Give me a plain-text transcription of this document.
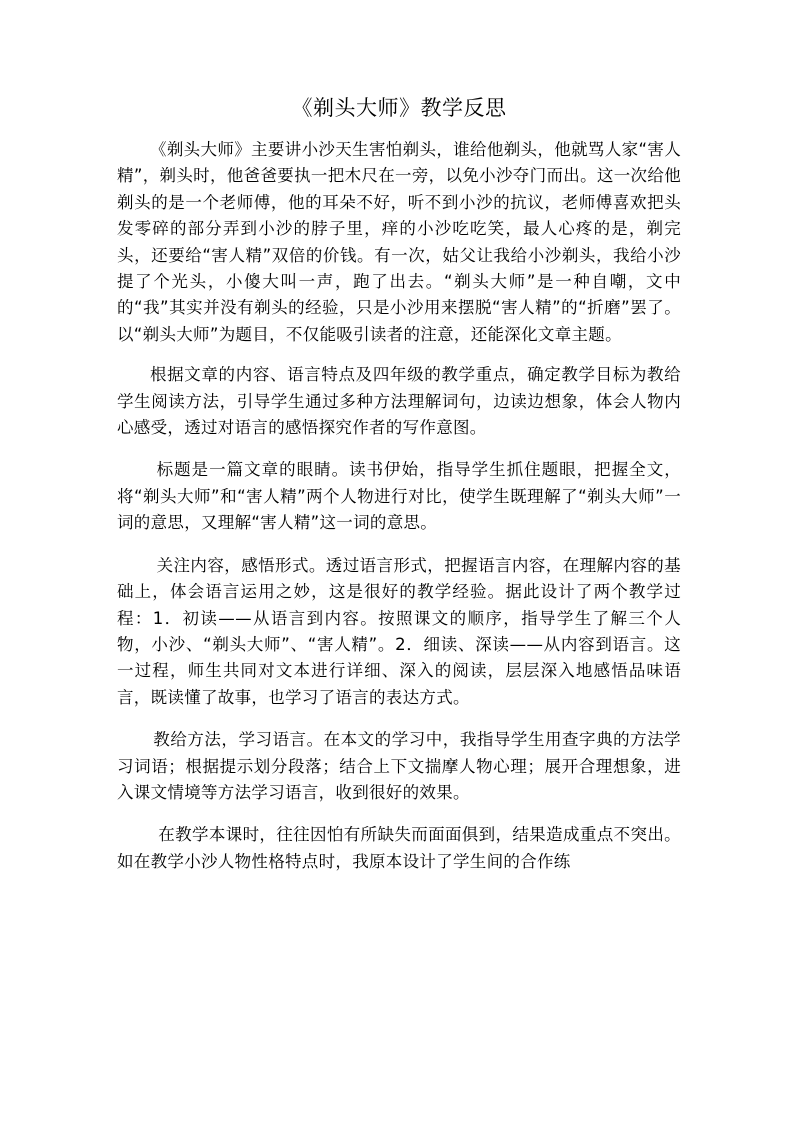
《剃头大师》教学反思

《剃头大师》主要讲小沙天生害怕剃头，谁给他剃头，他就骂人家“害人精”，剃头时，他爸爸要执一把木尺在一旁，以免小沙夺门而出。这一次给他剃头的是一个老师傅，他的耳朵不好，听不到小沙的抗议，老师傅喜欢把头发零碎的部分弄到小沙的脖子里，痒的小沙吃吃笑，最人心疼的是，剃完头，还要给“害人精”双倍的价钱。有一次，姑父让我给小沙剃头，我给小沙提了个光头，小傻大叫一声，跑了出去。“剃头大师”是一种自嘲，文中的“我”其实并没有剃头的经验，只是小沙用来摆脱“害人精”的“折磨”罢了。以“剃头大师”为题目，不仅能吸引读者的注意，还能深化文章主题。

根据文章的内容、语言特点及四年级的教学重点，确定教学目标为教给学生阅读方法，引导学生通过多种方法理解词句，边读边想象，体会人物内心感受，透过对语言的感悟探究作者的写作意图。

标题是一篇文章的眼睛。读书伊始，指导学生抓住题眼，把握全文，将“剃头大师”和“害人精”两个人物进行对比，使学生既理解了“剃头大师”一词的意思，又理解“害人精”这一词的意思。

关注内容，感悟形式。透过语言形式，把握语言内容，在理解内容的基础上，体会语言运用之妙，这是很好的教学经验。据此设计了两个教学过程：1．初读——从语言到内容。按照课文的顺序，指导学生了解三个人物，小沙、“剃头大师”、“害人精”。2．细读、深读——从内容到语言。这一过程，师生共同对文本进行详细、深入的阅读，层层深入地感悟品味语言，既读懂了故事，也学习了语言的表达方式。

教给方法，学习语言。在本文的学习中，我指导学生用查字典的方法学习词语；根据提示划分段落；结合上下文揣摩人物心理；展开合理想象，进入课文情境等方法学习语言，收到很好的效果。

在教学本课时，往往因怕有所缺失而面面俱到，结果造成重点不突出。如在教学小沙人物性格特点时，我原本设计了学生间的合作练
